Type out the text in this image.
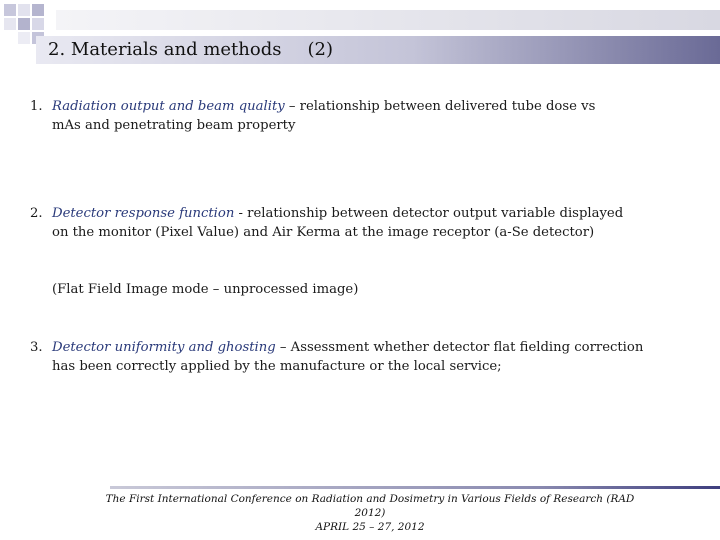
2. Materials and methods (2)
1. Radiation output and beam quality – relationship between delivered tube dose vs
mAs and penetrating beam property
2. Detector response function - relationship between detector output variable displayed
on the monitor (Pixel Value) and Air Kerma at the image receptor (a-Se detector)
(Flat Field Image mode – unprocessed image)
3. Detector uniformity and ghosting – Assessment whether detector flat fielding correction
has been correctly applied by the manufacture or the local service;
The First International Conference on Radiation and Dosimetry in Various Fields of Research (RAD 2012)
APRIL 25 – 27, 2012
